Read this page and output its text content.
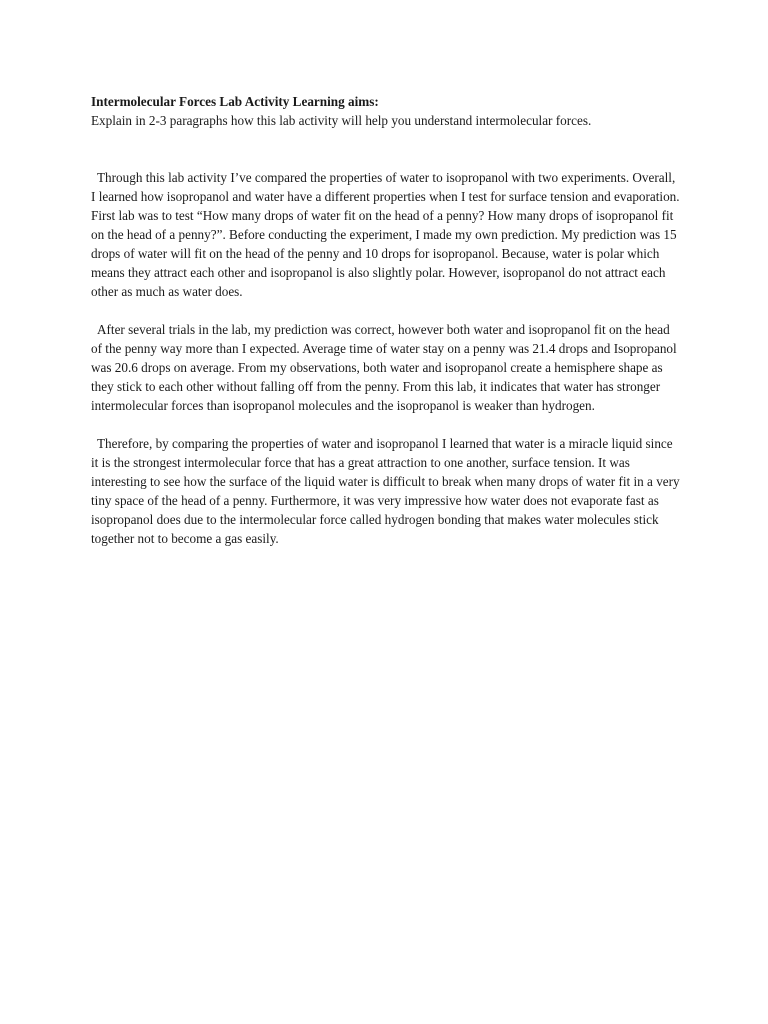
Intermolecular Forces Lab Activity Learning aims:

Explain in 2-3 paragraphs how this lab activity will help you understand intermolecular forces.

Through this lab activity I’ve compared the properties of water to isopropanol with two experiments. Overall, I learned how isopropanol and water have a different properties when I test for surface tension and evaporation. First lab was to test “How many drops of water fit on the head of a penny? How many drops of isopropanol fit on the head of a penny?”. Before conducting the experiment, I made my own prediction. My prediction was 15 drops of water will fit on the head of the penny and 10 drops for isopropanol. Because, water is polar which means they attract each other and isopropanol is also slightly polar. However, isopropanol do not attract each other as much as water does.

After several trials in the lab, my prediction was correct, however both water and isopropanol fit on the head of the penny way more than I expected. Average time of water stay on a penny was 21.4 drops and Isopropanol was 20.6 drops on average. From my observations, both water and isopropanol create a hemisphere shape as they stick to each other without falling off from the penny. From this lab, it indicates that water has stronger intermolecular forces than isopropanol molecules and the isopropanol is weaker than hydrogen.

Therefore, by comparing the properties of water and isopropanol I learned that water is a miracle liquid since it is the strongest intermolecular force that has a great attraction to one another, surface tension. It was interesting to see how the surface of the liquid water is difficult to break when many drops of water fit in a very tiny space of the head of a penny. Furthermore, it was very impressive how water does not evaporate fast as isopropanol does due to the intermolecular force called hydrogen bonding that makes water molecules stick together not to become a gas easily.
